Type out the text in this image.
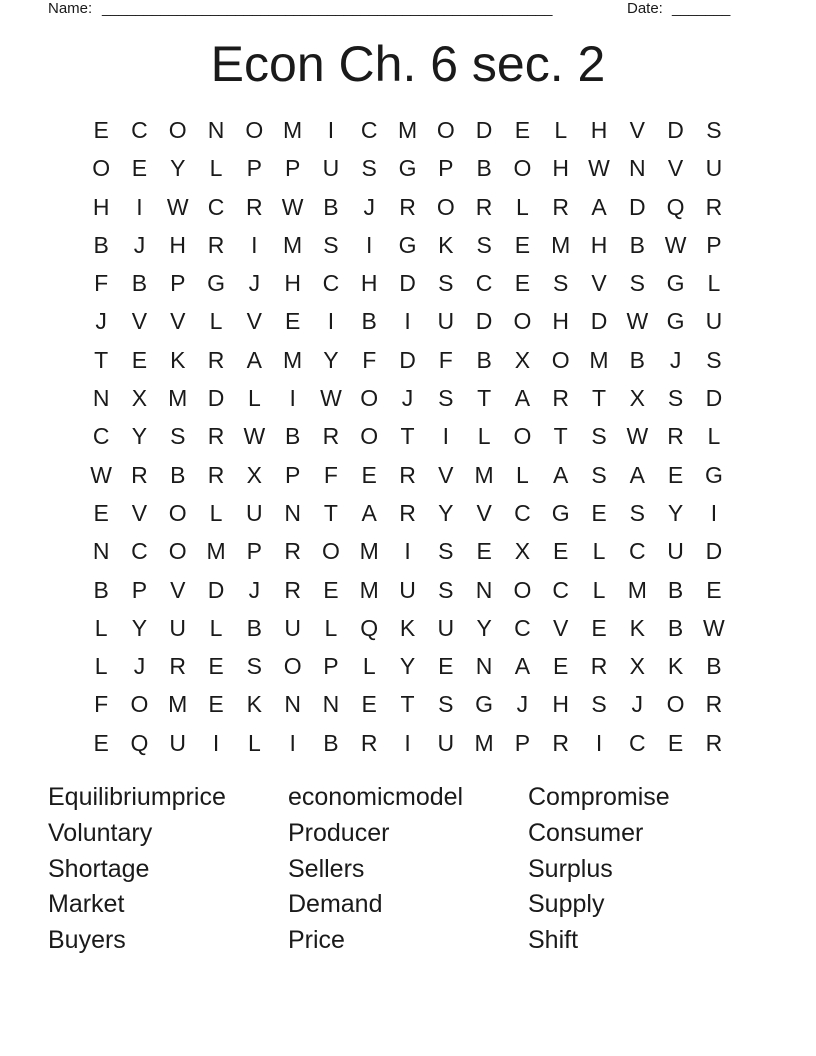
Name: ______________________________________________________	Date: _______
Econ Ch. 6 sec. 2
E C O N O M	I	C M O D E	L	H V D S
O E Y	L	P P U S G P B O H W N V U
H	I	W C R W B	J	R O R	L	R A D Q R
B	J	H R	I	M S	I	G K S E M H B W P
F	B P G	J	H C H D S C E S V S G L
J	V V	L	V E	I	B	I	U D O H D W G U
T	E K R A M Y	F D F	B X O M B	J	S
N X M D	L	I	W O	J	S	T	A R T	X S D
C Y S R W B R O T	I	L O T	S W R	L
W R B R X P	F	E R V M L	A S A E G
E V O L	U N T	A R Y V C G E S Y	I
N C O M P R O M	I	S E X E	L	C U D
B P V D	J	R E M U S N O C	L M B E
L	Y U	L	B U	L Q K U Y C V E K B W
L	J	R E S O P	L	Y E N A E R X K B
F O M E K N N E	T	S G	J	H S	J	O R
E Q U	I	L	I	B R	I	U M P R	I	C E R
Equilibriumprice	economicmodel	Compromise
Voluntary	Producer	Consumer
Shortage	Sellers	Surplus
Market	Demand	Supply
Buyers	Price	Shift
